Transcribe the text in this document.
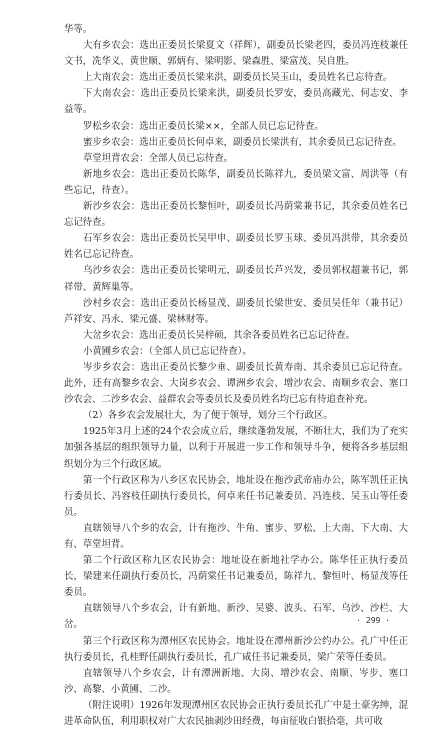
华等。

大有乡农会：选出正委员长梁夏文（祥辉），副委员长梁老四，委员冯连枝兼任文书，冼华义、黄世顺、郭炳有、梁明影、梁森胜、梁富茂、吴自胜。

上大南农会：选出正委员长梁来洪，副委员长吴玉山，委员姓名已忘待查。

下大南农会：选出正委员长梁来洪，副委员长罗安，委员高藏光、何志安、李益等。

罗松乡农会：选出正委员长梁××，全部人员已忘记待查。

蜜步乡农会：选出正委员长何卓来，副委员长梁洪有，其余委员已忘记待查。

草堂坦背农会：全部人员已忘待查。

新地乡农会：选出正委员长陈华，副委员长陈祥九，委员梁文富、周洪等（有些忘记，待查）。

新沙乡农会：选出正委员长黎恒叶，副委员长冯荫棠兼书记，其余委员姓名已忘记待查。

石军乡农会：选出正委员长吴甲申、副委员长罗玉球、委员冯洪带，其余委员姓名已忘记待查。

乌沙乡农会：选出正委员长梁明元，副委员长芦兴发，委员郭权超兼书记，郭祥带、黄辉巢等。

沙村乡农会：选出正委员长杨显茂、副委员长梁世安、委员吴任年（兼书记）芦祥安、冯永、梁元盛、梁林财等。

大岔乡农会：选出正委员长吴梓硕，其余各委员姓名已忘记待查。

小黄圃乡农会：（全部人员已忘记待查）。

岑步乡农会：选出正委员长黎少垂、副委员长黄寿南、其余委员已忘记待查。此外，还有高黎乡农会、大岗乡农会、谭洲乡农会、增沙农会、南顺乡农会、塞口沙农会、二沙乡农会、益群农会等委员长及委员姓名均已忘有待追查补充。

（2）各乡农会发展壮大，为了便于领导，划分三个行政区。

1925年3月上述的24个农会成立后，继续蓬勃发展，不断壮大，我们为了充实加强各基层的组织领导力量，以利于开展进一步工作和领导斗争，便将各乡基层组织划分为三个行政区域。

第一个行政区称为八乡区农民协会，地址设在拖沙武帝庙办公，陈军凯任正执行委员长、冯容枝任副执行委员长，何卓来任书记兼委员、冯连枝、吴玉山等任委员。

直辖领导八个乡的农会，计有拖沙、牛角、蜜步、罗松、上大南、下大南、大有、草堂坦背。

第二个行政区称九区农民协会：地址设在新地社学办公。陈华任正执行委员长，梁建来任副执行委员长，冯荫棠任书记兼委员，陈祥九、黎恒叶、杨显茂等任委员。

直辖领导八个乡农会，计有新地、新沙、吴婆、波头、石军、乌沙、沙栏、大岔。

第三个行政区称为潭州区农民协会。地址设在潭州新沙公约办公。孔广中任正执行委员长，孔桂野任副执行委员长，孔广咸任书记兼委员，梁广荣等任委员。

直辖领导八个乡农会，计有潭洲新地、大岗、增沙农会、南顺、岑步、塞口沙、高黎、小黄圃、二沙。

（附注说明）1926年发现潭州区农民协会正执行委员长孔广中是土豪劣绅，混进革命队伍，利用职权对广大农民抽剥沙田经费，每亩征收白银拾毫，共可收

· 299 ·
